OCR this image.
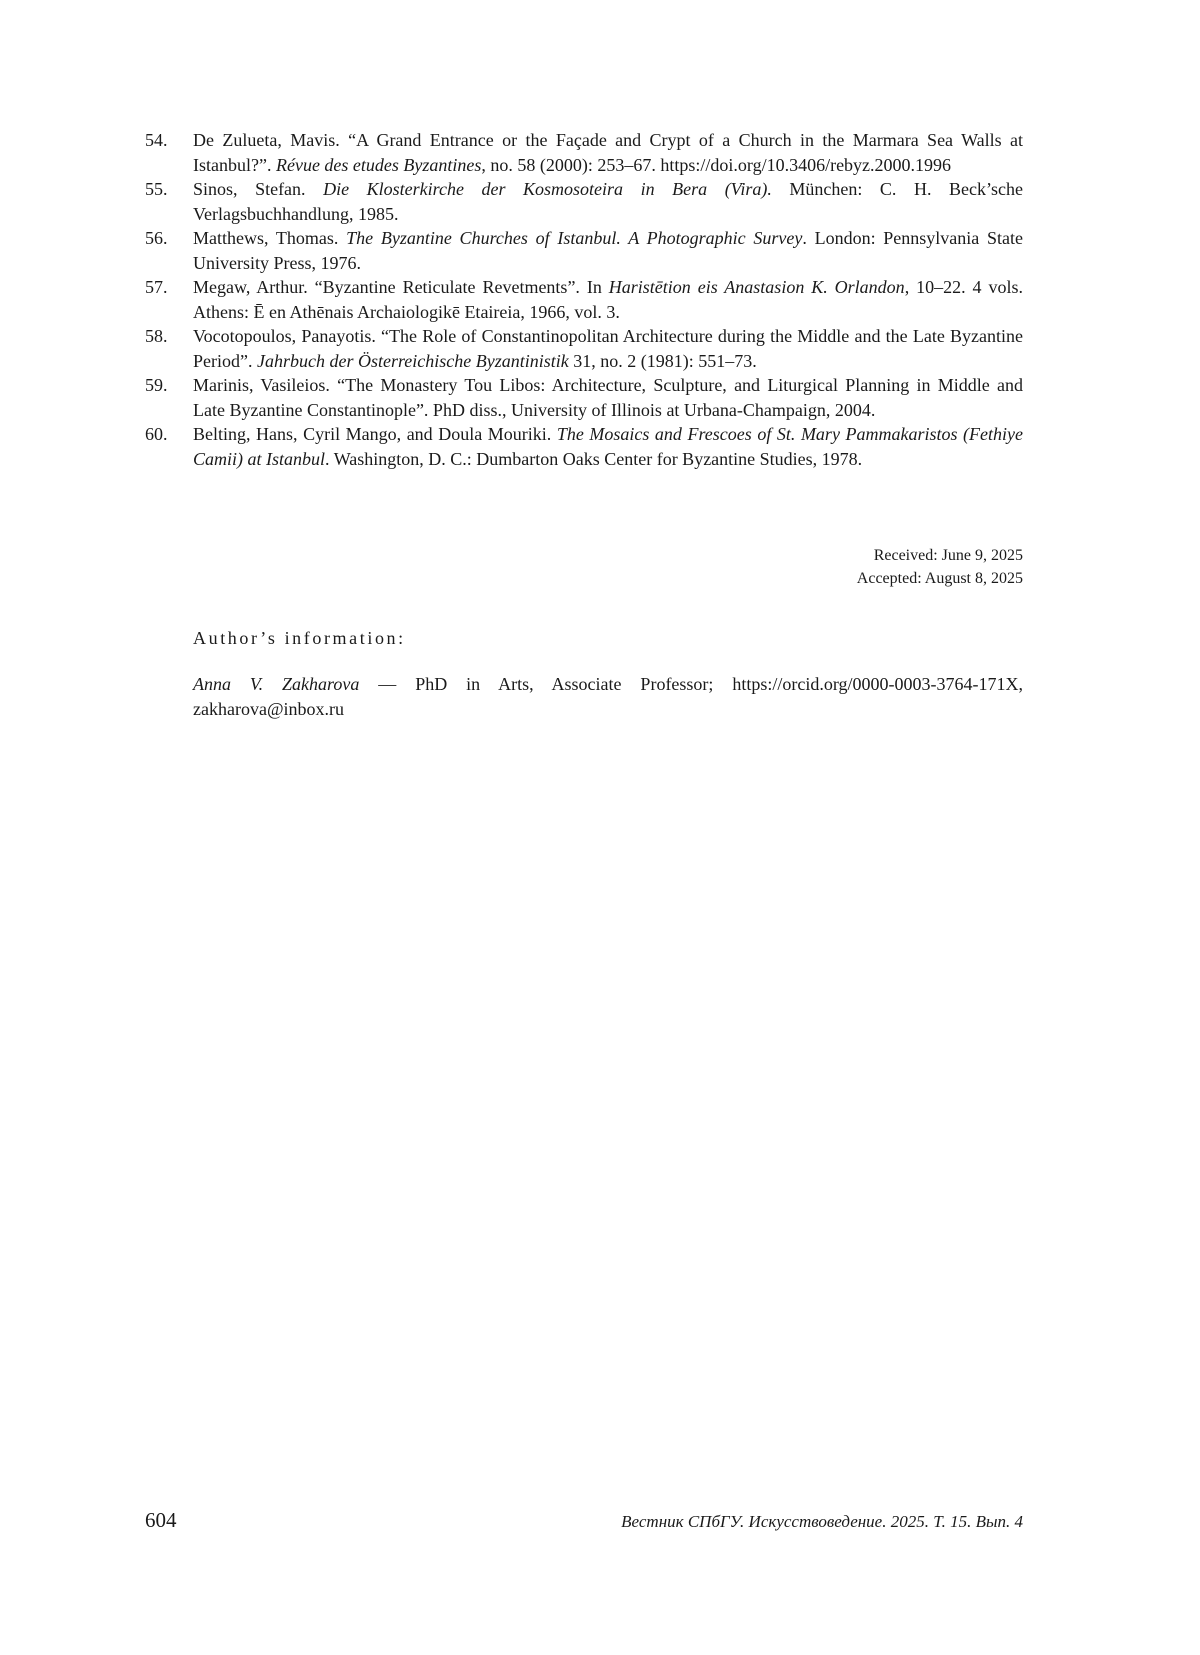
54. De Zulueta, Mavis. “A Grand Entrance or the Façade and Crypt of a Church in the Marmara Sea Walls at Istanbul?”. Révue des etudes Byzantines, no. 58 (2000): 253–67. https://doi.org/10.3406/rebyz.2000.1996
55. Sinos, Stefan. Die Klosterkirche der Kosmosoteira in Bera (Vira). München: C. H. Beck’sche Verlagsbuchhandlung, 1985.
56. Matthews, Thomas. The Byzantine Churches of Istanbul. A Photographic Survey. London: Pennsylvania State University Press, 1976.
57. Megaw, Arthur. “Byzantine Reticulate Revetments”. In Haristētion eis Anastasion K. Orlandon, 10–22. 4 vols. Athens: Ē en Athēnais Archaiologikē Etaireia, 1966, vol. 3.
58. Vocotopoulos, Panayotis. “The Role of Constantinopolitan Architecture during the Middle and the Late Byzantine Period”. Jahrbuch der Österreichische Byzantinistik 31, no. 2 (1981): 551–73.
59. Marinis, Vasileios. “The Monastery Tou Libos: Architecture, Sculpture, and Liturgical Planning in Middle and Late Byzantine Constantinople”. PhD diss., University of Illinois at Urbana-Champaign, 2004.
60. Belting, Hans, Cyril Mango, and Doula Mouriki. The Mosaics and Frescoes of St. Mary Pammakaristos (Fethiye Camii) at Istanbul. Washington, D. C.: Dumbarton Oaks Center for Byzantine Studies, 1978.
Received: June 9, 2025
Accepted: August 8, 2025
Author’s information:
Anna V. Zakharova — PhD in Arts, Associate Professor; https://orcid.org/0000-0003-3764-171X, zakharova@inbox.ru
604	Вестник СПбГУ. Искусствоведение. 2025. Т. 15. Вып. 4
